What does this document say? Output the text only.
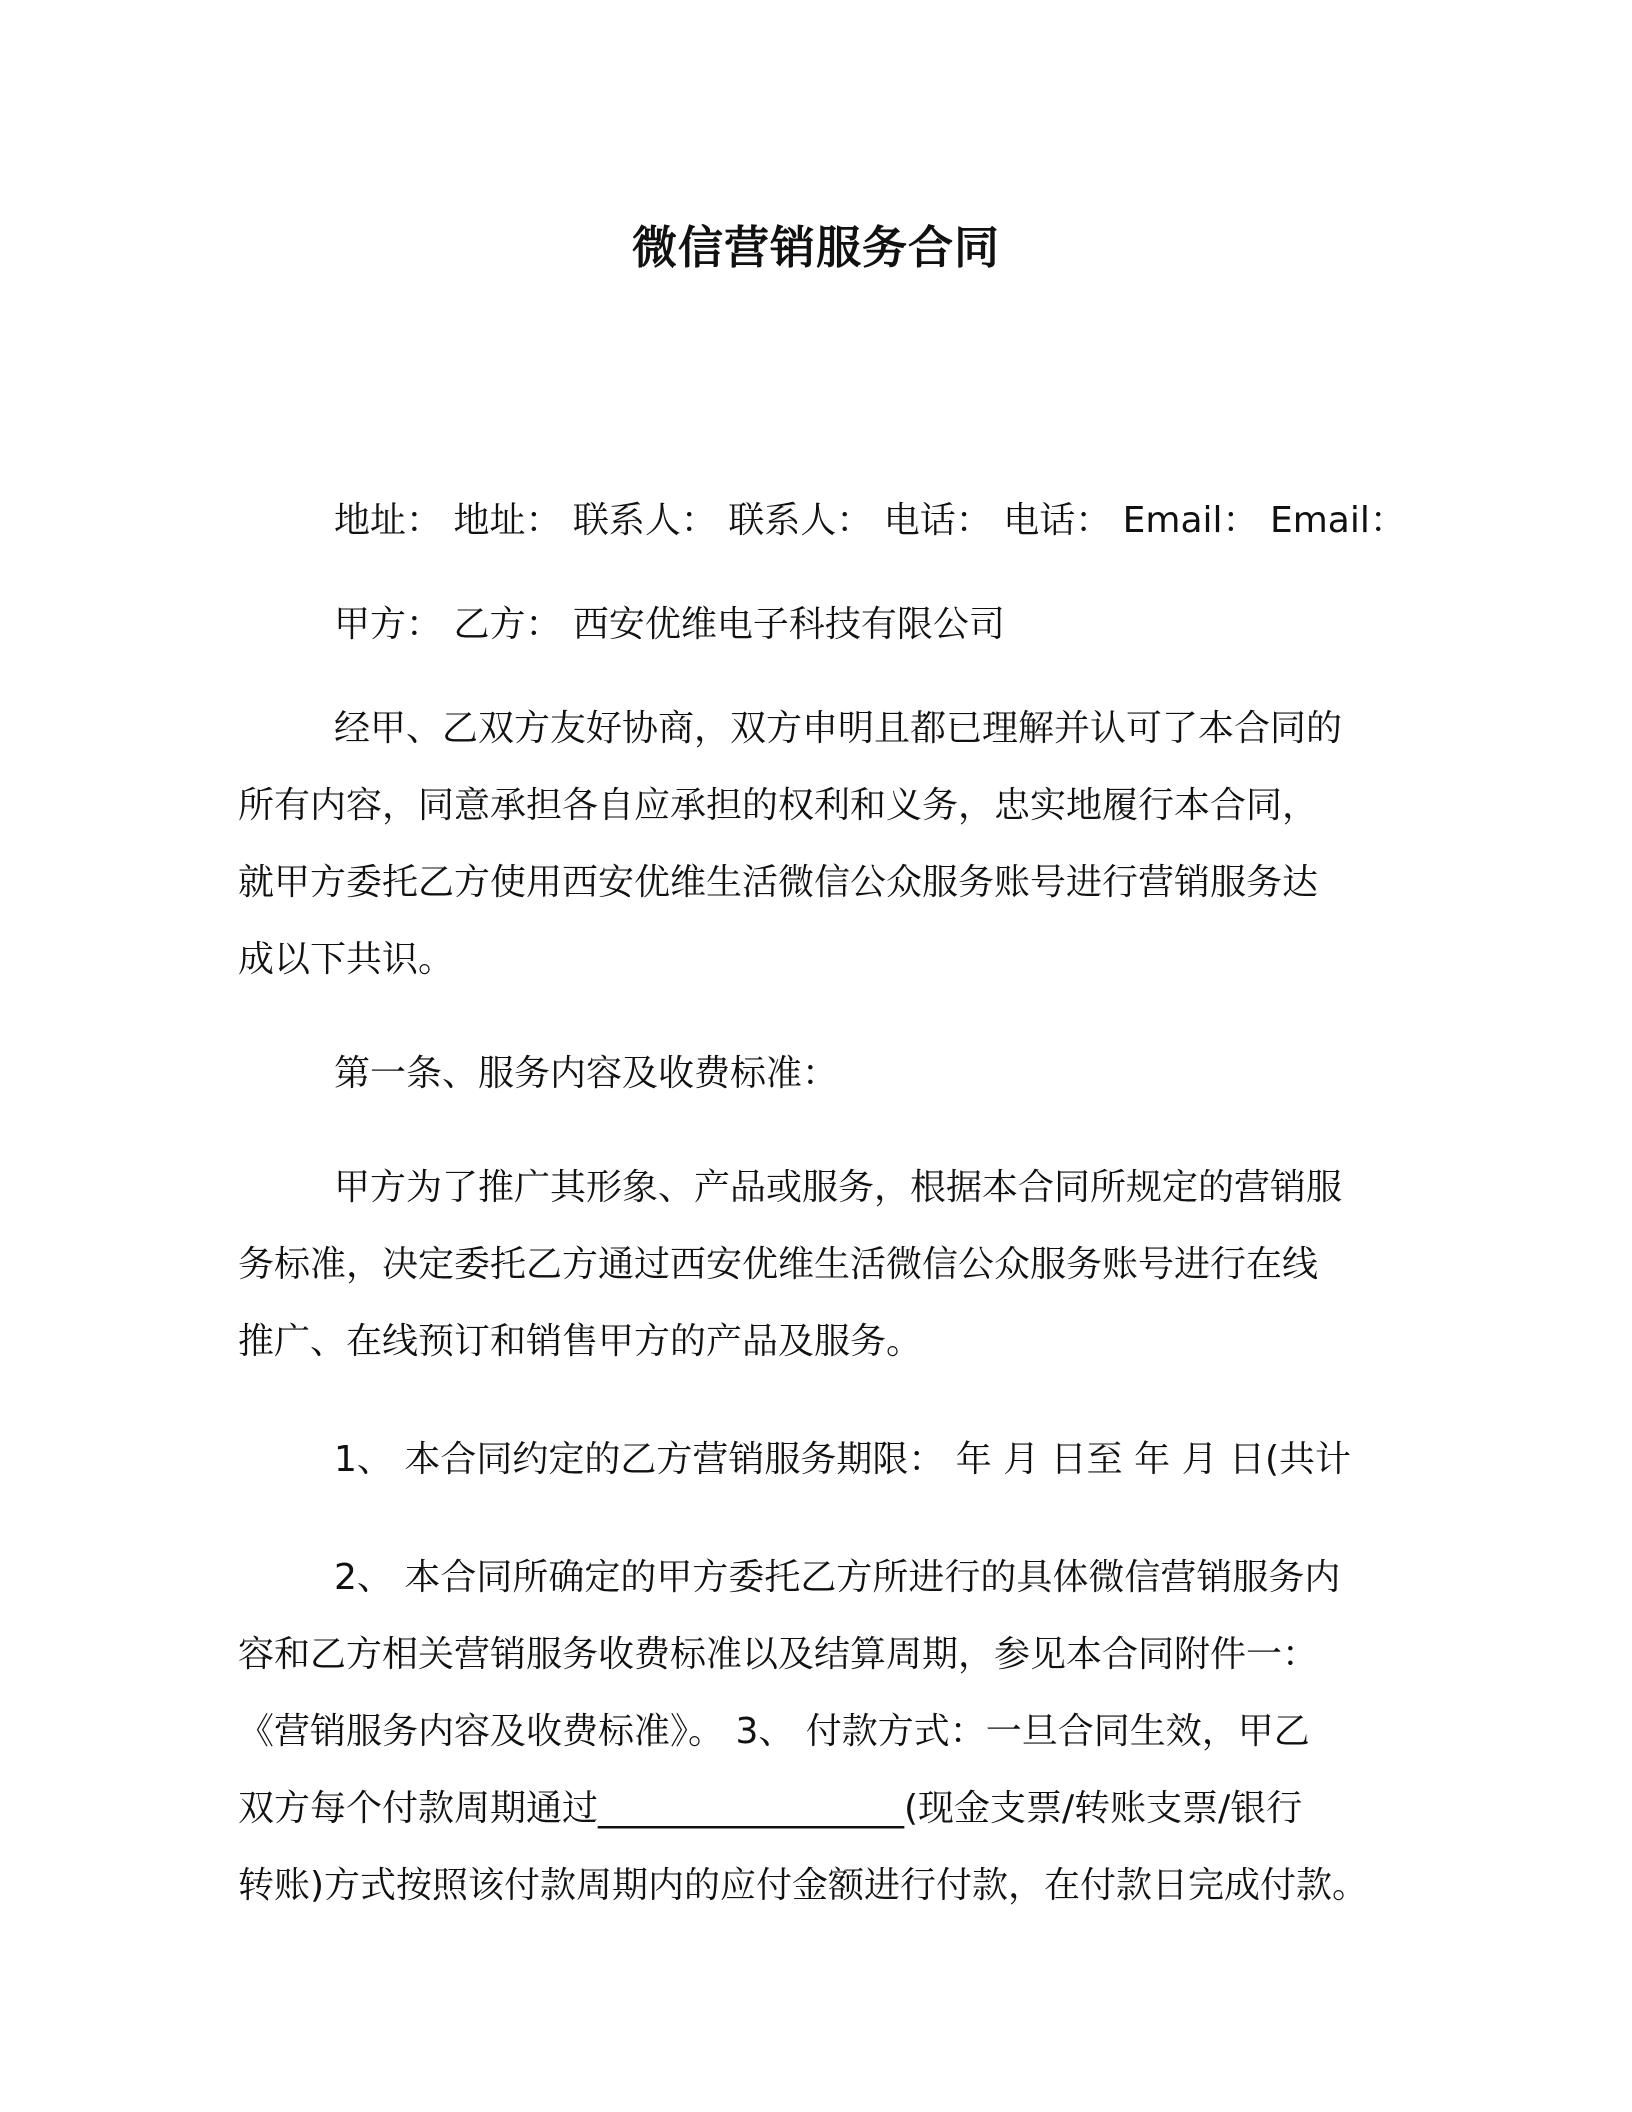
微信营销服务合同

地址： 地址： 联系人： 联系人： 电话： 电话： Email： Email：

甲方： 乙方： 西安优维电子科技有限公司

经甲、乙双方友好协商，双方申明且都已理解并认可了本合同的
所有内容，同意承担各自应承担的权利和义务，忠实地履行本合同，
就甲方委托乙方使用西安优维生活微信公众服务账号进行营销服务达
成以下共识。

第一条、服务内容及收费标准：

甲方为了推广其形象、产品或服务，根据本合同所规定的营销服
务标准，决定委托乙方通过西安优维生活微信公众服务账号进行在线
推广、在线预订和销售甲方的产品及服务。

1、 本合同约定的乙方营销服务期限： 年 月 日至 年 月 日(共计

2、 本合同所确定的甲方委托乙方所进行的具体微信营销服务内
容和乙方相关营销服务收费标准以及结算周期，参见本合同附件一：
《营销服务内容及收费标准》。 3、 付款方式：一旦合同生效，甲乙
双方每个付款周期通过_________________(现金支票/转账支票/银行
转账)方式按照该付款周期内的应付金额进行付款，在付款日完成付款。
